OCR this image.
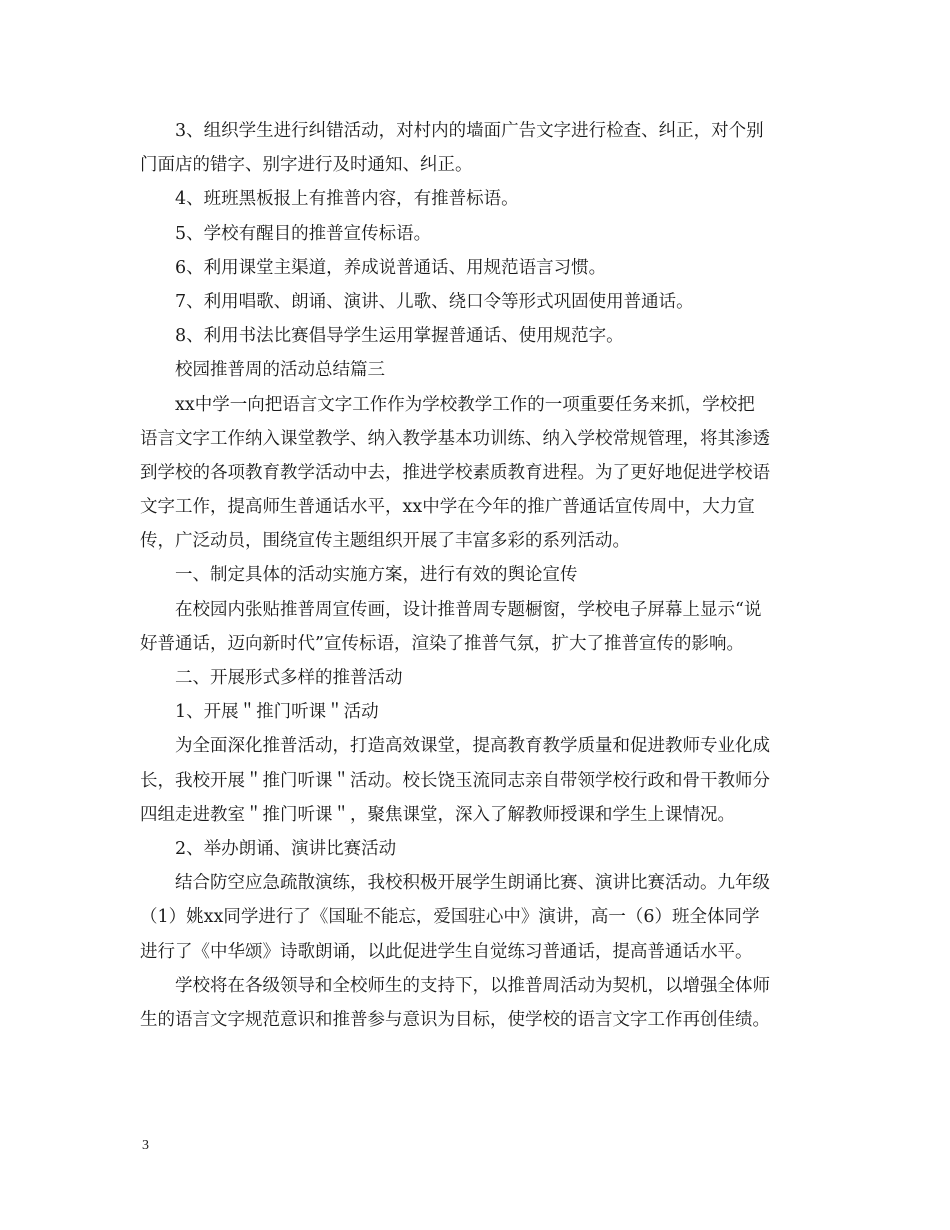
3、组织学生进行纠错活动，对村内的墙面广告文字进行检查、纠正，对个别
门面店的错字、别字进行及时通知、纠正。
4、班班黑板报上有推普内容，有推普标语。
5、学校有醒目的推普宣传标语。
6、利用课堂主渠道，养成说普通话、用规范语言习惯。
7、利用唱歌、朗诵、演讲、儿歌、绕口令等形式巩固使用普通话。
8、利用书法比赛倡导学生运用掌握普通话、使用规范字。
校园推普周的活动总结篇三
xx中学一向把语言文字工作作为学校教学工作的一项重要任务来抓，学校把
语言文字工作纳入课堂教学、纳入教学基本功训练、纳入学校常规管理，将其渗透
到学校的各项教育教学活动中去，推进学校素质教育进程。为了更好地促进学校语
文字工作，提高师生普通话水平，xx中学在今年的推广普通话宣传周中，大力宣
传，广泛动员，围绕宣传主题组织开展了丰富多彩的系列活动。
一、制定具体的活动实施方案，进行有效的舆论宣传
在校园内张贴推普周宣传画，设计推普周专题橱窗，学校电子屏幕上显示“说
好普通话，迈向新时代”宣传标语，渲染了推普气氛，扩大了推普宣传的影响。
二、开展形式多样的推普活动
1、开展＂推门听课＂活动
为全面深化推普活动，打造高效课堂，提高教育教学质量和促进教师专业化成
长，我校开展＂推门听课＂活动。校长饶玉流同志亲自带领学校行政和骨干教师分
四组走进教室＂推门听课＂，聚焦课堂，深入了解教师授课和学生上课情况。
2、举办朗诵、演讲比赛活动
结合防空应急疏散演练，我校积极开展学生朗诵比赛、演讲比赛活动。九年级
（1）姚xx同学进行了《国耻不能忘，爱国驻心中》演讲，高一（6）班全体同学
进行了《中华颂》诗歌朗诵，以此促进学生自觉练习普通话，提高普通话水平。
学校将在各级领导和全校师生的支持下，以推普周活动为契机，以增强全体师
生的语言文字规范意识和推普参与意识为目标，使学校的语言文字工作再创佳绩。
3
